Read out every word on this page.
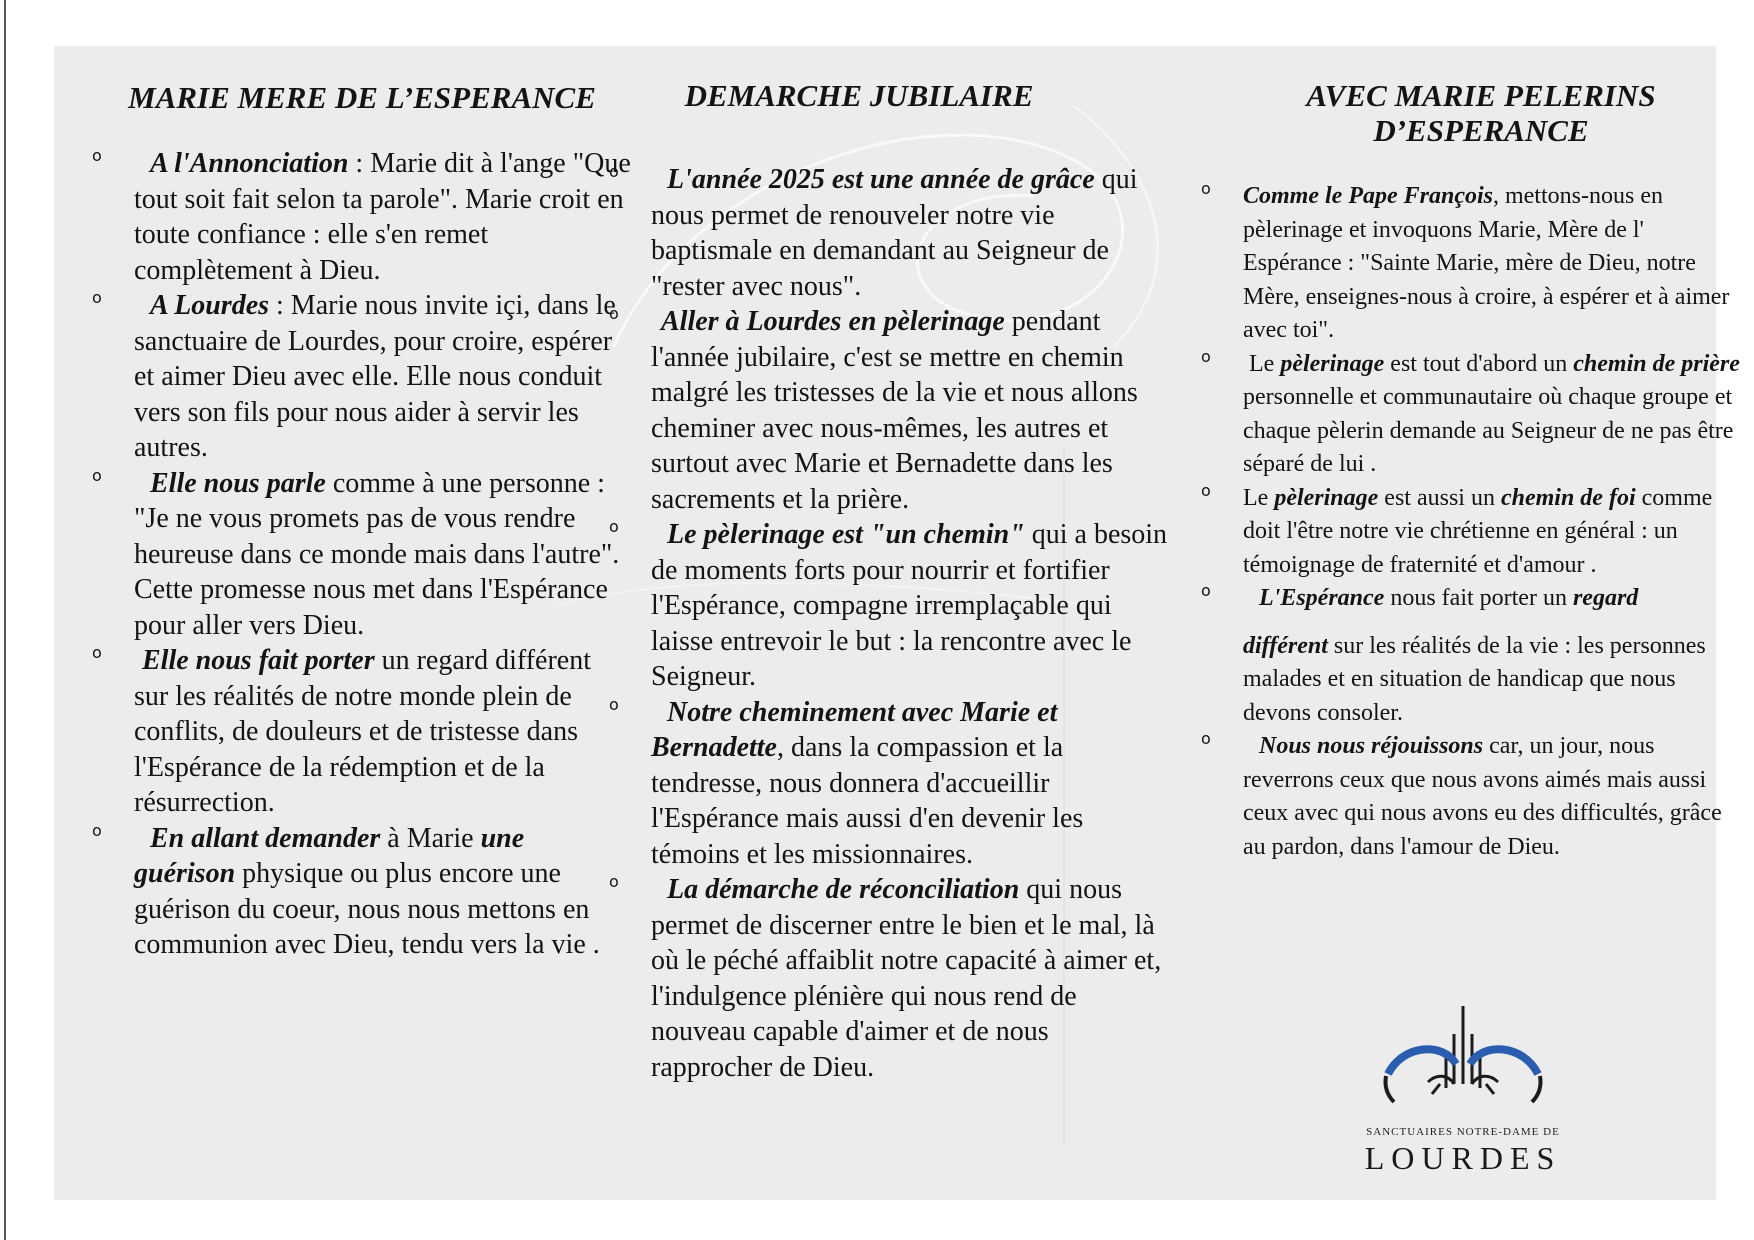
MARIE MERE DE L’ESPERANCE
o A l'Annonciation : Marie dit à l'ange "Que tout soit fait selon ta parole". Marie croit en toute confiance : elle s'en remet complètement à Dieu.
o A Lourdes : Marie nous invite içi, dans le sanctuaire de Lourdes, pour croire, espérer et aimer Dieu avec elle. Elle nous conduit vers son fils pour nous aider à servir les autres.
o Elle nous parle comme à une personne : "Je ne vous promets pas de vous rendre heureuse dans ce monde mais dans l'autre". Cette promesse nous met dans l'Espérance pour aller vers Dieu.
o Elle nous fait porter un regard différent sur les réalités de notre monde plein de conflits, de douleurs et de tristesse dans l'Espérance de la rédemption et de la résurrection.
o En allant demander à Marie une guérison physique ou plus encore une guérison du coeur, nous nous mettons en communion avec Dieu, tendu vers la vie .
DEMARCHE JUBILAIRE
o L'année 2025 est une année de grâce qui nous permet de renouveler notre vie baptismale en demandant au Seigneur de "rester avec nous".
o Aller à Lourdes en pèlerinage pendant l'année jubilaire, c'est se mettre en chemin malgré les tristesses de la vie et nous allons cheminer avec nous-mêmes, les autres et surtout avec Marie et Bernadette dans les sacrements et la prière.
o Le pèlerinage est "un chemin" qui a besoin de moments forts pour nourrir et fortifier l'Espérance, compagne irremplaçable qui laisse entrevoir le but : la rencontre avec le Seigneur.
o Notre cheminement avec Marie et Bernadette, dans la compassion et la tendresse, nous donnera d'accueillir l'Espérance mais aussi d'en devenir les témoins et les missionnaires.
o La démarche de réconciliation qui nous permet de discerner entre le bien et le mal, là où le péché affaiblit notre capacité à aimer et, l'indulgence plénière qui nous rend de nouveau capable d'aimer et de nous rapprocher de Dieu.
AVEC MARIE PELERINS
D’ESPERANCE
o Comme le Pape François, mettons-nous en pèlerinage et invoquons Marie, Mère de l' Espérance : "Sainte Marie, mère de Dieu, notre Mère, enseignes-nous à croire, à espérer et à aimer avec toi".
o Le pèlerinage est tout d'abord un chemin de prière personnelle et communautaire où chaque groupe et chaque pèlerin demande au Seigneur de ne pas être séparé de lui .
o Le pèlerinage est aussi un chemin de foi comme doit l'être notre vie chrétienne en général : un témoignage de fraternité et d'amour .
o L'Espérance nous fait porter un regard
différent sur les réalités de la vie : les personnes malades et en situation de handicap que nous devons consoler.
o Nous nous réjouissons car, un jour, nous reverrons ceux que nous avons aimés mais aussi ceux avec qui nous avons eu des difficultés, grâce au pardon, dans l'amour de Dieu.
SANCTUAIRES NOTRE-DAME DE
LOURDES
